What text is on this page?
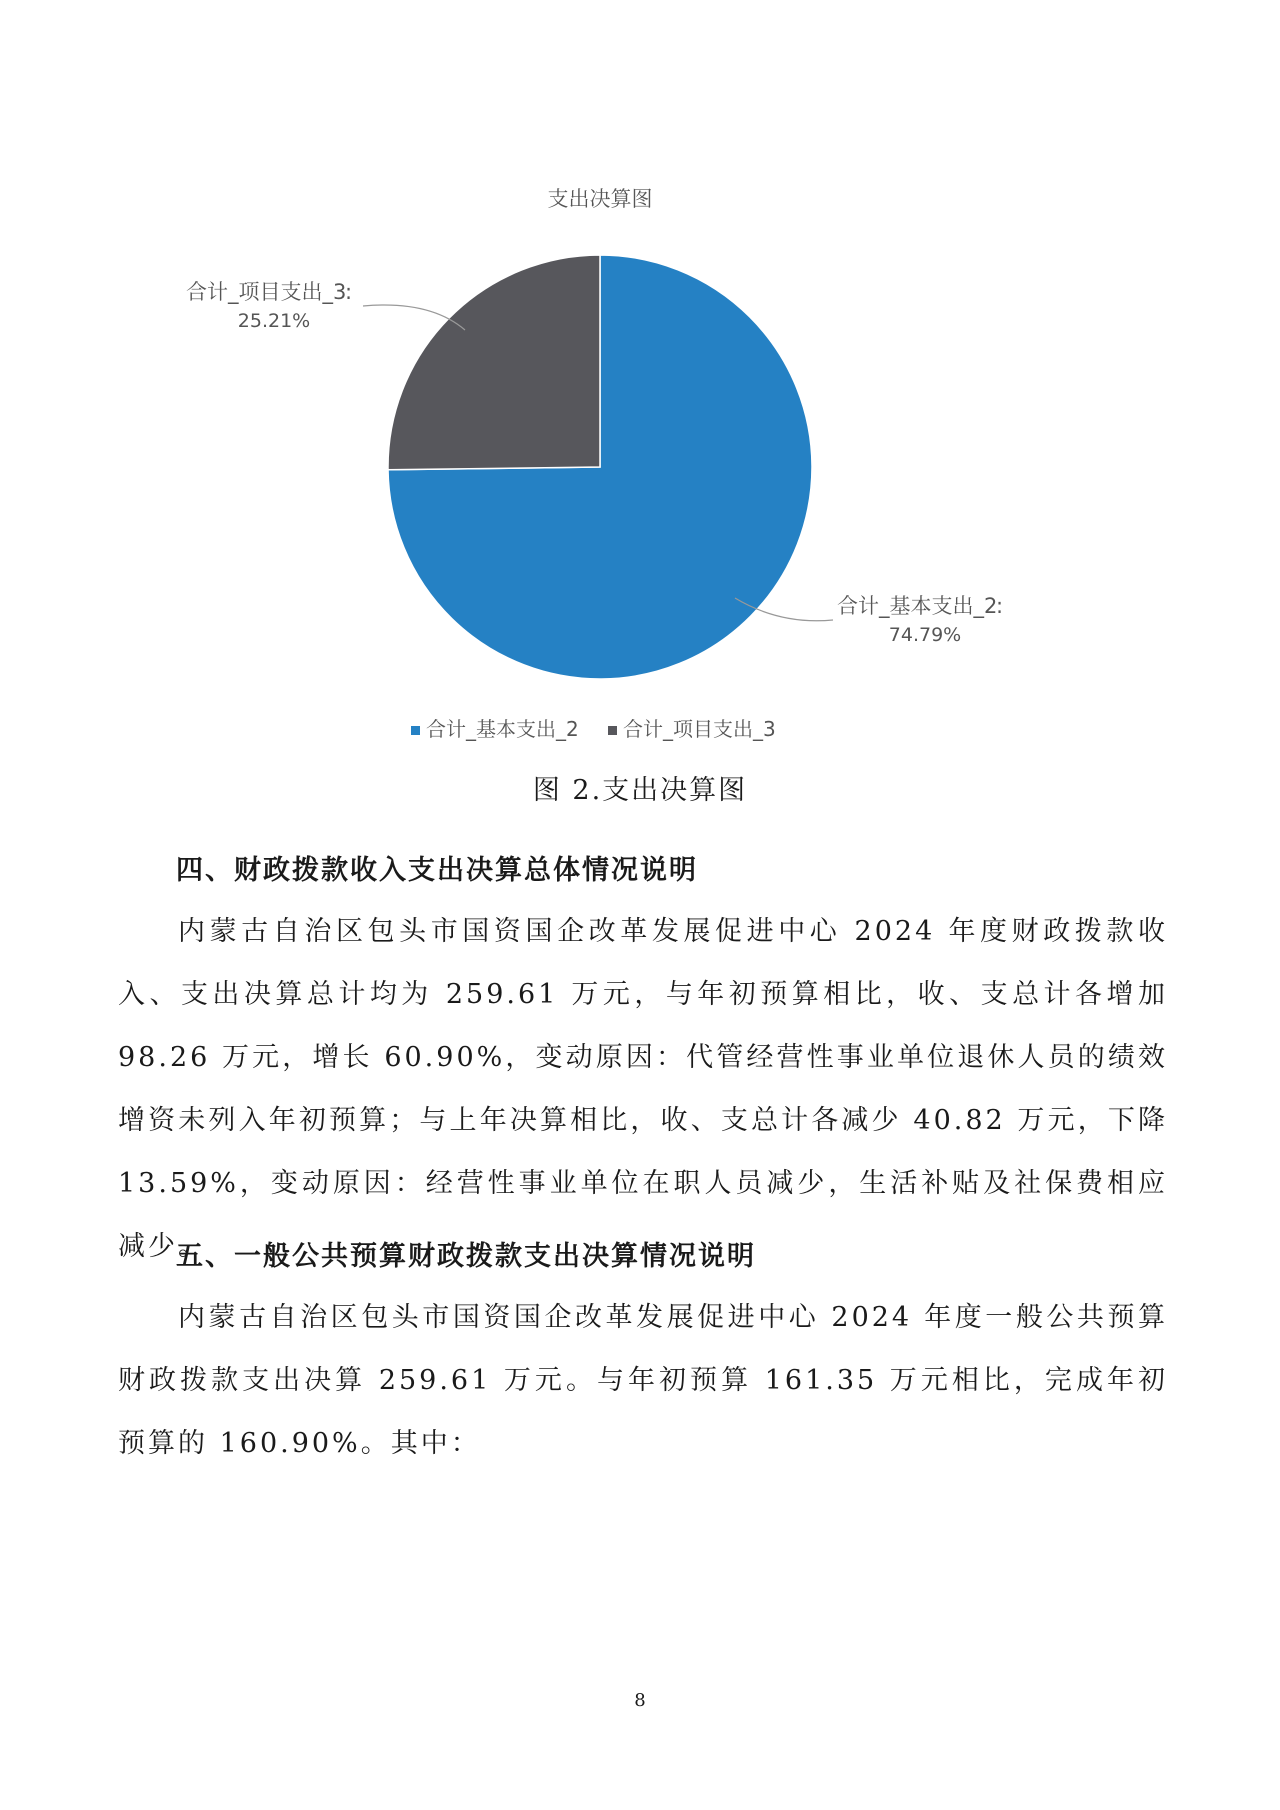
支出决算图
合计_项目支出_3
:
25.21%
合计_基本支出_2
:
74.79%
合计_基本支出_2 合计_项目支出_3
图 2.支出决算图
四、财政拨款收入支出决算总体情况说明
内蒙古自治区包头市国资国企改革发展促进中心 2024 年度财政拨款收入、支出决算总计均为 259.61 万元，与年初预算相比，收、支总计各增加 98.26 万元，增长 60.90%，变动原因：代管经营性事业单位退休人员的绩效增资未列入年初预算；与上年决算相比，收、支总计各减少 40.82 万元，下降 13.59%，变动原因：经营性事业单位在职人员减少，生活补贴及社保费相应减少。
五、一般公共预算财政拨款支出决算情况说明
内蒙古自治区包头市国资国企改革发展促进中心 2024 年度一般公共预算财政拨款支出决算 259.61 万元。与年初预算 161.35 万元相比，完成年初预算的 160.90%。其中：
8
